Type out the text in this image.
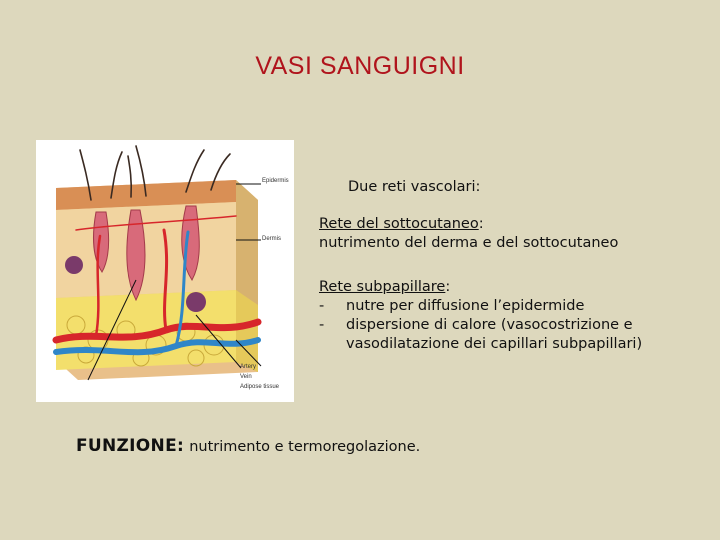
VASI SANGUIGNI
Epidermis
Dermis
Artery
Vein
Adipose tissue
Due reti vascolari:
Rete del sottocutaneo:
nutrimento del derma e del sottocutaneo
Rete subpapillare:
-	nutre per diffusione l’epidermide
-	dispersione di calore (vasocostrizione e vasodilatazione dei capillari subpapillari)
FUNZIONE: nutrimento e termoregolazione.
